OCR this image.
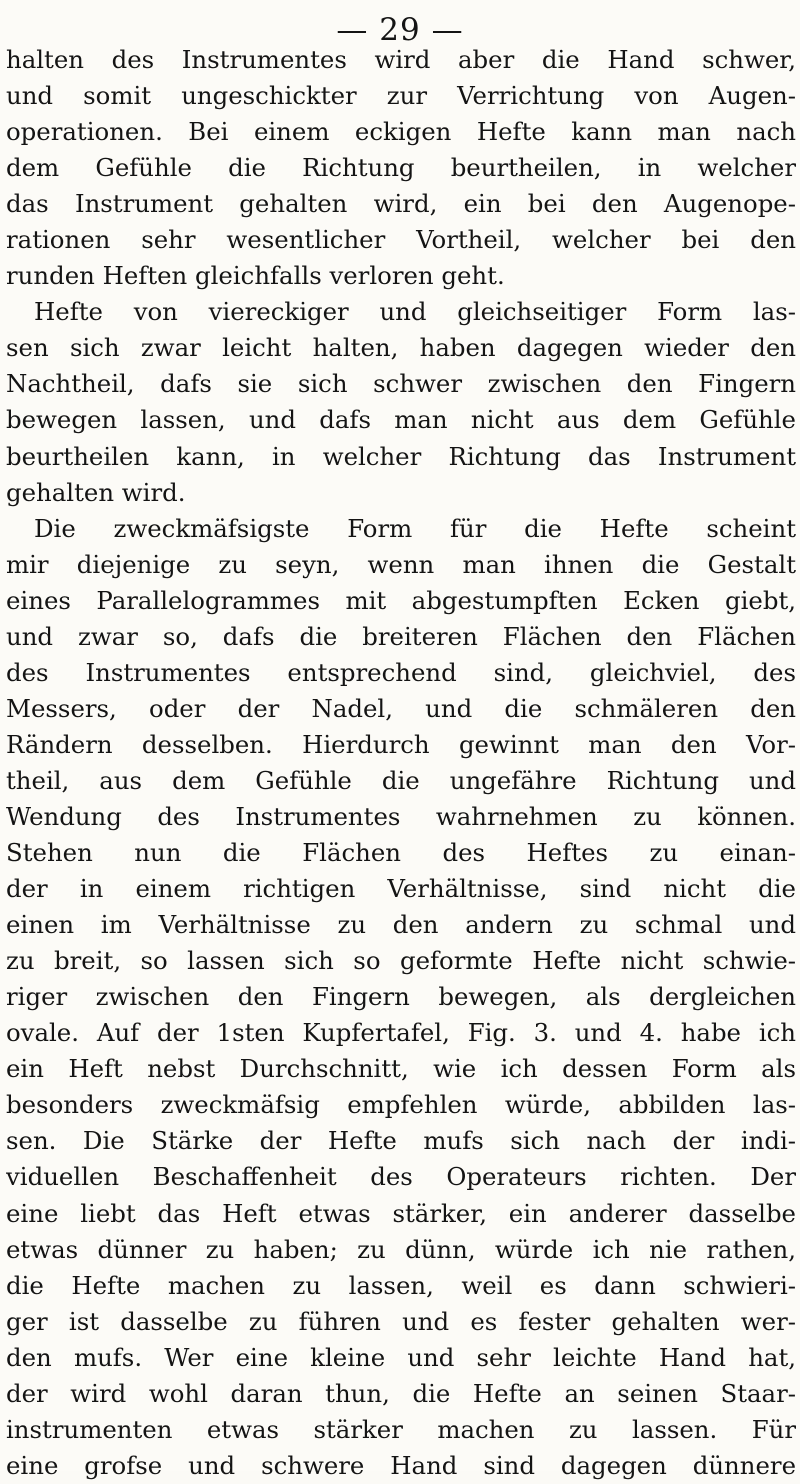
— 29 —
halten des Instrumentes wird aber die Hand schwer,
und somit ungeschickter zur Verrichtung von Augen-
operationen. Bei einem eckigen Hefte kann man nach
dem Gefühle die Richtung beurtheilen, in welcher
das Instrument gehalten wird, ein bei den Augenope-
rationen sehr wesentlicher Vortheil, welcher bei den
runden Heften gleichfalls verloren geht.
Hefte von viereckiger und gleichseitiger Form las-
sen sich zwar leicht halten, haben dagegen wieder den
Nachtheil, dafs sie sich schwer zwischen den Fingern
bewegen lassen, und dafs man nicht aus dem Gefühle
beurtheilen kann, in welcher Richtung das Instrument
gehalten wird.
Die zweckmäfsigste Form für die Hefte scheint
mir diejenige zu seyn, wenn man ihnen die Gestalt
eines Parallelogrammes mit abgestumpften Ecken giebt,
und zwar so, dafs die breiteren Flächen den Flächen
des Instrumentes entsprechend sind, gleichviel, des
Messers, oder der Nadel, und die schmäleren den
Rändern desselben. Hierdurch gewinnt man den Vor-
theil, aus dem Gefühle die ungefähre Richtung und
Wendung des Instrumentes wahrnehmen zu können.
Stehen nun die Flächen des Heftes zu einan-
der in einem richtigen Verhältnisse, sind nicht die
einen im Verhältnisse zu den andern zu schmal und
zu breit, so lassen sich so geformte Hefte nicht schwie-
riger zwischen den Fingern bewegen, als dergleichen
ovale. Auf der 1sten Kupfertafel, Fig. 3. und 4. habe ich
ein Heft nebst Durchschnitt, wie ich dessen Form als
besonders zweckmäfsig empfehlen würde, abbilden las-
sen. Die Stärke der Hefte mufs sich nach der indi-
viduellen Beschaffenheit des Operateurs richten. Der
eine liebt das Heft etwas stärker, ein anderer dasselbe
etwas dünner zu haben; zu dünn, würde ich nie rathen,
die Hefte machen zu lassen, weil es dann schwieri-
ger ist dasselbe zu führen und es fester gehalten wer-
den mufs. Wer eine kleine und sehr leichte Hand hat,
der wird wohl daran thun, die Hefte an seinen Staar-
instrumenten etwas stärker machen zu lassen. Für
eine grofse und schwere Hand sind dagegen dünnere
